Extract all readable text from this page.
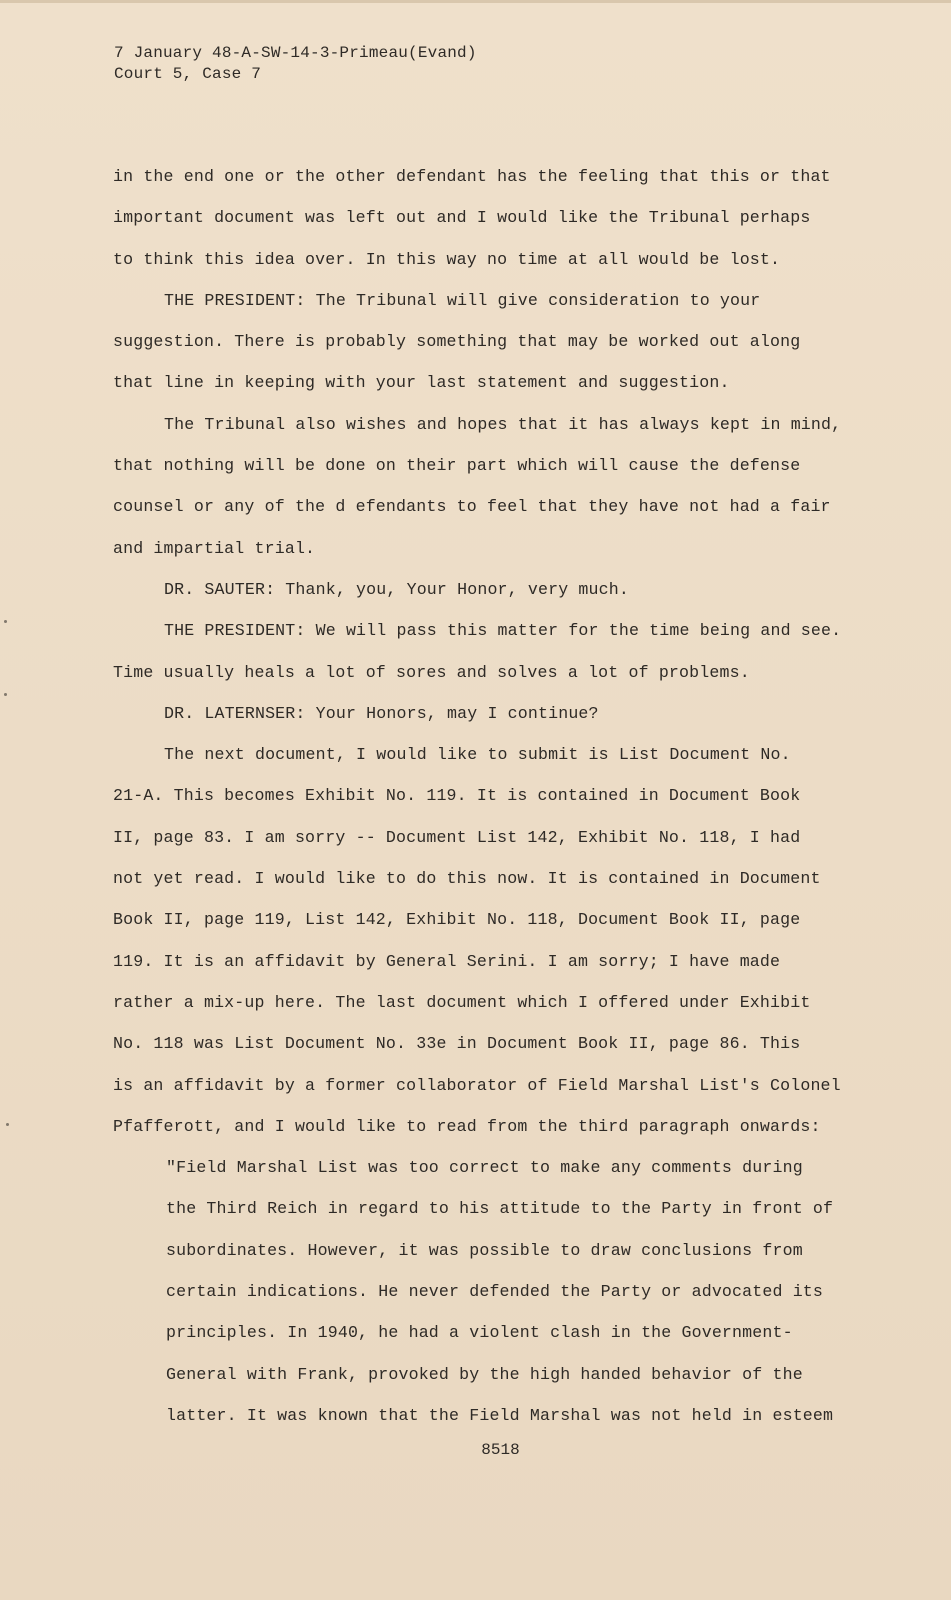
7 January 48-A-SW-14-3-Primeau(Evand)
Court 5, Case 7
in the end one or the other defendant has the feeling that this or that
important document was left out and I would like the Tribunal perhaps
to think this idea over. In this way no time at all would be lost.
THE PRESIDENT: The Tribunal will give consideration to your
suggestion. There is probably something that may be worked out along
that line in keeping with your last statement and suggestion.
The Tribunal also wishes and hopes that it has always kept in mind,
that nothing will be done on their part which will cause the defense
counsel or any of the d efendants to feel that they have not had a fair
and impartial trial.
DR. SAUTER: Thank, you, Your Honor, very much.
THE PRESIDENT: We will pass this matter for the time being and see.
Time usually heals a lot of sores and solves a lot of problems.
DR. LATERNSER: Your Honors, may I continue?
The next document, I would like to submit is List Document No.
21-A. This becomes Exhibit No. 119. It is contained in Document Book
II, page 83. I am sorry -- Document List 142, Exhibit No. 118, I had
not yet read. I would like to do this now. It is contained in Document
Book II, page 119, List 142, Exhibit No. 118, Document Book II, page
119. It is an affidavit by General Serini. I am sorry; I have made
rather a mix-up here. The last document which I offered under Exhibit
No. 118 was List Document No. 33e in Document Book II, page 86. This
is an affidavit by a former collaborator of Field Marshal List's Colonel
Pfafferott, and I would like to read from the third paragraph onwards:
"Field Marshal List was too correct to make any comments during
the Third Reich in regard to his attitude to the Party in front of
subordinates. However, it was possible to draw conclusions from
certain indications. He never defended the Party or advocated its
principles. In 1940, he had a violent clash in the Government-
General with Frank, provoked by the high handed behavior of the
latter. It was known that the Field Marshal was not held in esteem
8518
